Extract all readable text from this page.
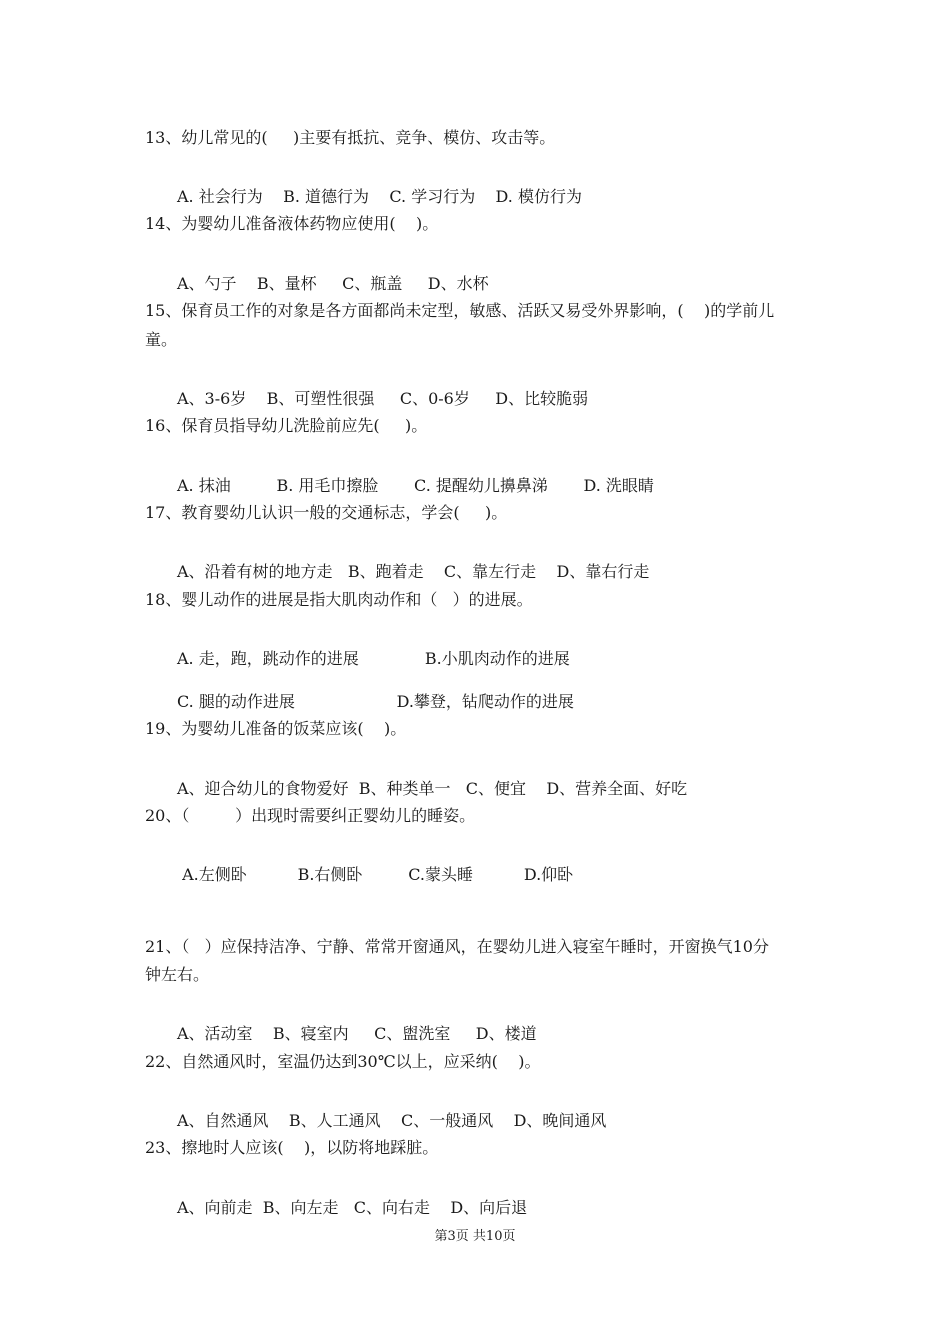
13、幼儿常见的(     )主要有抵抗、竞争、模仿、攻击等。

A. 社会行为    B. 道德行为    C. 学习行为    D. 模仿行为

14、为婴幼儿准备液体药物应使用(    )。

A、勺子    B、量杯     C、瓶盖     D、水杯

15、保育员工作的对象是各方面都尚未定型，敏感、活跃又易受外界影响，(    )的学前儿

童。

A、3-6岁    B、可塑性很强     C、0-6岁     D、比较脆弱

16、保育员指导幼儿洗脸前应先(     )。

A. 抹油         B. 用毛巾擦脸       C. 提醒幼儿擤鼻涕       D. 洗眼睛

17、教育婴幼儿认识一般的交通标志，学会(     )。

A、沿着有树的地方走   B、跑着走    C、靠左行走    D、靠右行走

18、婴儿动作的进展是指大肌肉动作和（   ）的进展。

A. 走，跑，跳动作的进展             B.小肌肉动作的进展

C. 腿的动作进展                    D.攀登，钻爬动作的进展

19、为婴幼儿准备的饭菜应该(    )。

A、迎合幼儿的食物爱好  B、种类单一   C、便宜    D、营养全面、好吃

20、（         ）出现时需要纠正婴幼儿的睡姿。

A.左侧卧          B.右侧卧         C.蒙头睡          D.仰卧

21、（   ）应保持洁净、宁静、常常开窗通风，在婴幼儿进入寝室午睡时，开窗换气10分

钟左右。

A、活动室    B、寝室内     C、盥洗室     D、楼道

22、自然通风时，室温仍达到30℃以上，应采纳(    )。

A、自然通风    B、人工通风    C、一般通风    D、晚间通风

23、擦地时人应该(    )，以防将地踩脏。

A、向前走  B、向左走   C、向右走    D、向后退

第3页 共10页
